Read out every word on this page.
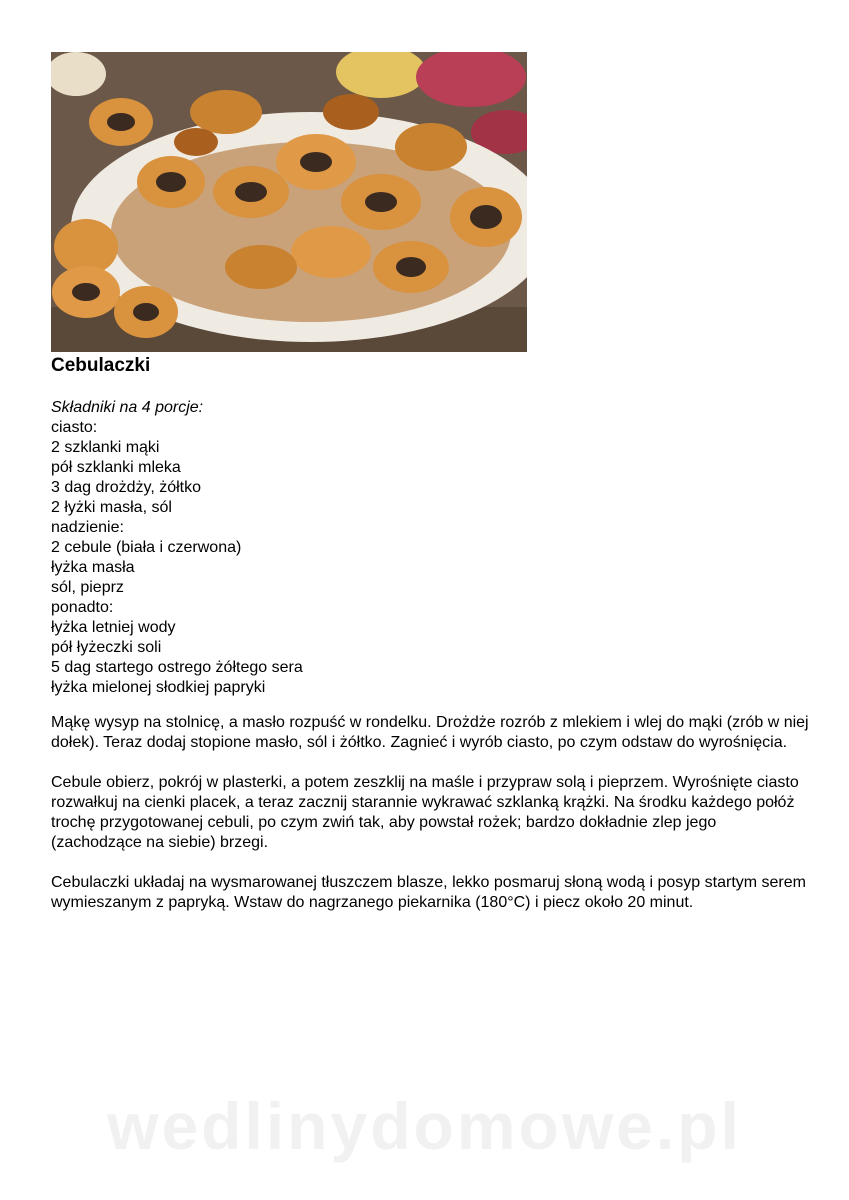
Cebulaczki
Składniki na 4 porcje:
ciasto:
2 szklanki mąki
pół szklanki mleka
3 dag drożdży, żółtko
2 łyżki masła, sól
nadzienie:
2 cebule (biała i czerwona)
łyżka masła
sól, pieprz
ponadto:
łyżka letniej wody
pół łyżeczki soli
5 dag startego ostrego żółtego sera
łyżka mielonej słodkiej papryki

Mąkę wysyp na stolnicę, a masło rozpuść w rondelku. Drożdże rozrób z mlekiem i wlej do mąki (zrób w niej dołek). Teraz dodaj stopione masło, sól i żółtko. Zagnieć i wyrób ciasto, po czym odstaw do wyrośnięcia.

Cebule obierz, pokrój w plasterki, a potem zeszklij na maśle i przypraw solą i pieprzem. Wyrośnięte ciasto rozwałkuj na cienki placek, a teraz zacznij starannie wykrawać szklanką krążki. Na środku każdego połóż trochę przygotowanej cebuli, po czym zwiń tak, aby powstał rożek; bardzo dokładnie zlep jego (zachodzące na siebie) brzegi.

Cebulaczki układaj na wysmarowanej tłuszczem blasze, lekko posmaruj słoną wodą i posyp startym serem wymieszanym z papryką. Wstaw do nagrzanego piekarnika (180°C) i piecz około 20 minut.

wedlinydomowe.pl
